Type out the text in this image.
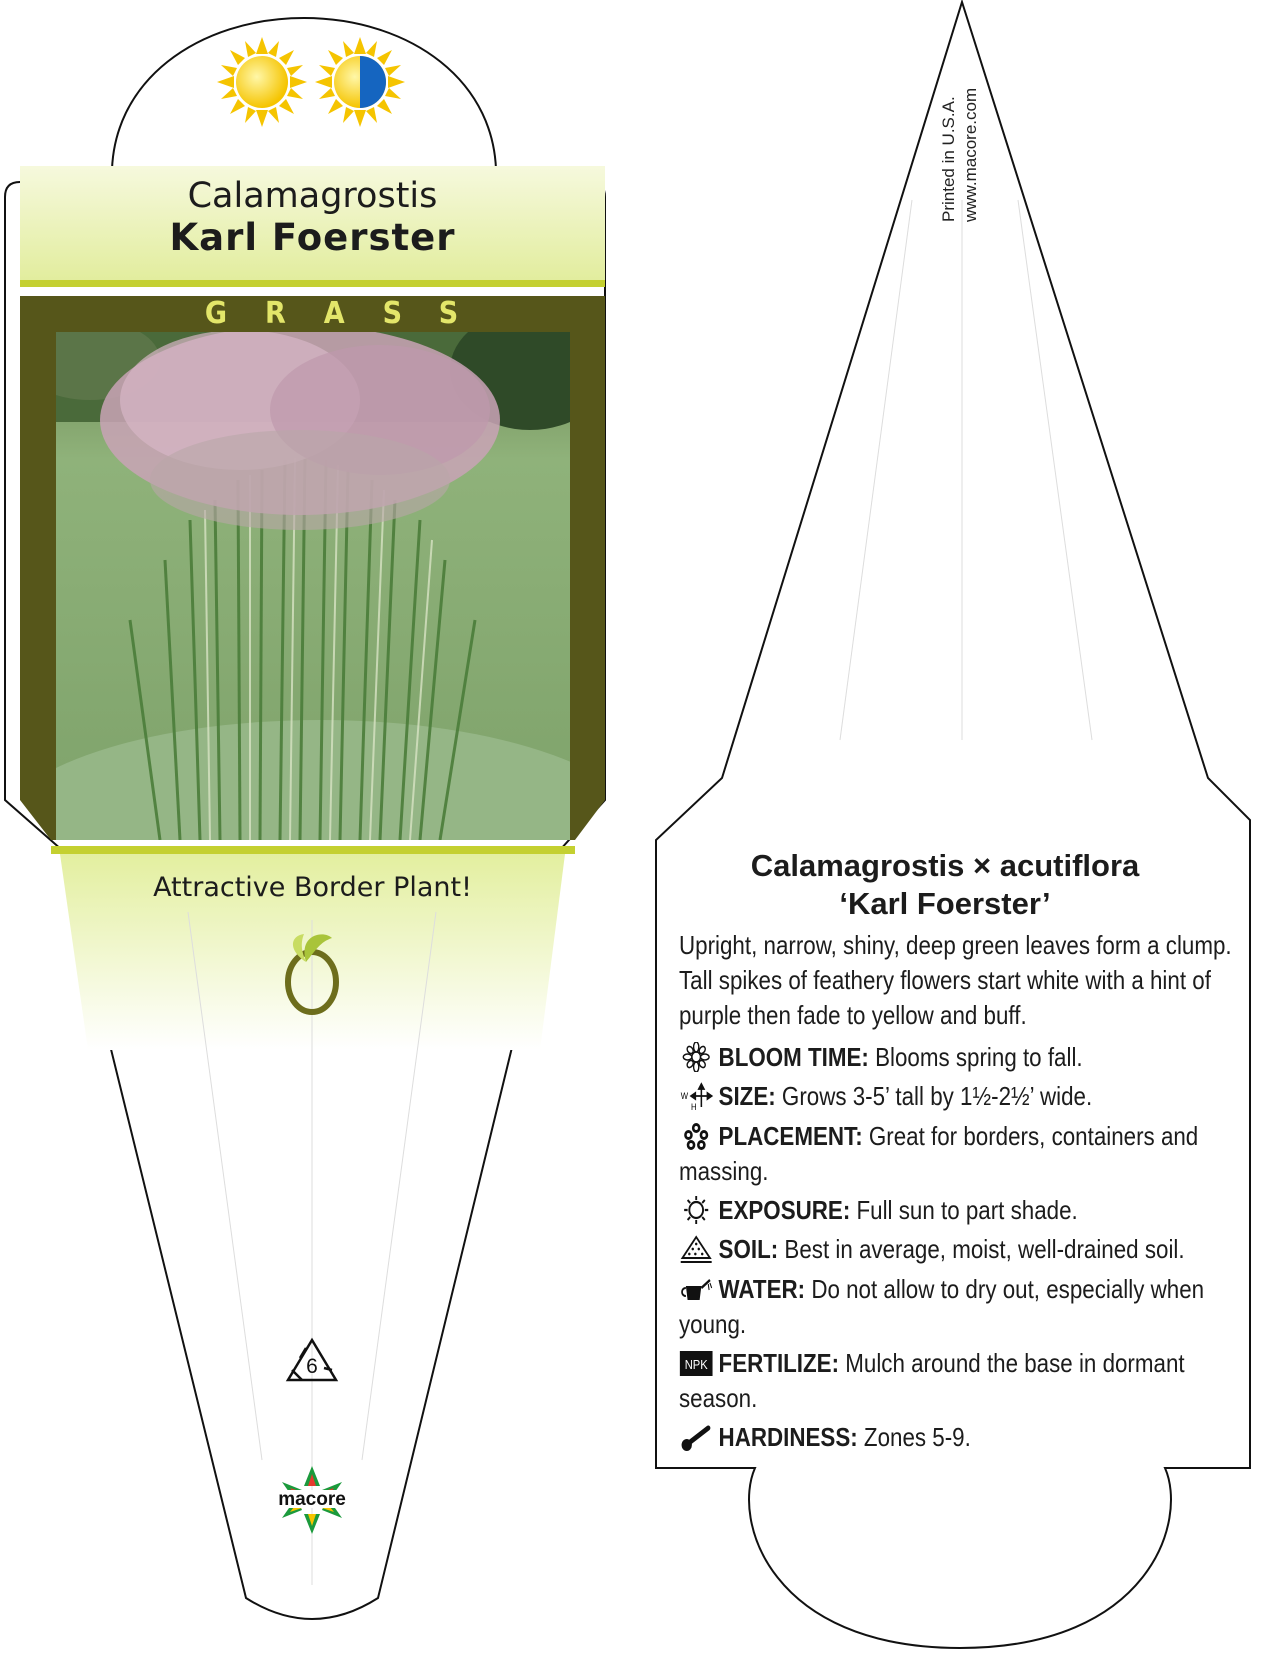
6
macore
Calamagrostis
Karl Foerster
GRASS
Attractive Border Plant!
Printed in U.S.A. www.macore.com
Calamagrostis × acutiflora
‘Karl Foerster’
Upright, narrow, shiny, deep green leaves form a clump. Tall spikes of feathery flowers start white with a hint of purple then fade to yellow and buff.
BLOOM TIME: Blooms spring to fall.
W
H SIZE: Grows 3-5’ tall by 1½-2½’ wide.
PLACEMENT: Great for borders, containers and massing.
EXPOSURE: Full sun to part shade.
SOIL: Best in average, moist, well-drained soil.
WATER: Do not allow to dry out, especially when young.
NPK FERTILIZE: Mulch around the base in dormant season.
HARDINESS: Zones 5-9.
